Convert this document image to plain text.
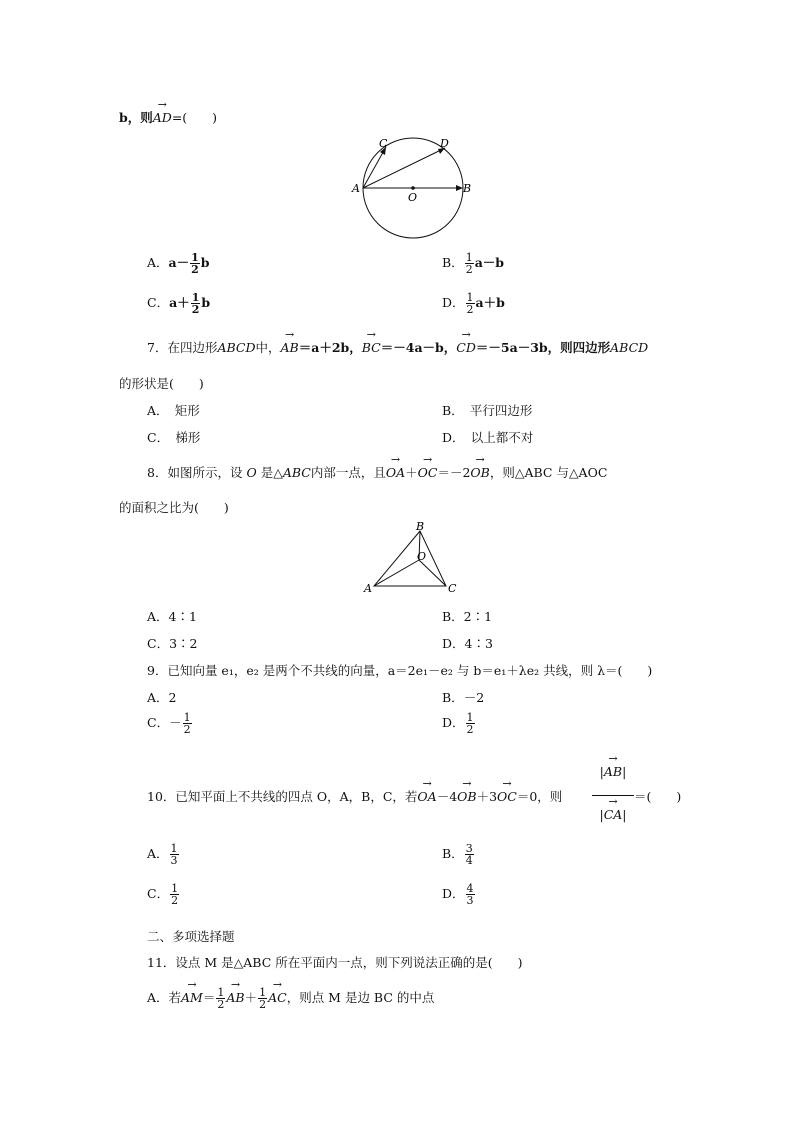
b，则→ AD=(　　)
C	D
A	B
O
A．$a- \frac{1}{2}$ b	B． $\frac{1}{2} a-b$
C．$a+ \frac{1}{2}$ b	D． $\frac{1}{2} a+b$
7．在四边形ABCD中，→ AB＝a＋2b，→ BC＝－4a－b，→ CD＝－5a－3b，则四边形ABCD
的形状是(　　)
A．　矩形	B．　平行四边形
C．　梯形	D．　以上都不对
8．如图所示，设 O 是△ABC内部一点，且→ OA＋→ OC＝－2→ OB，则△ABC 与△AOC
的面积之比为(　　)
B
O
A	C
A．4∶1	B．2∶1
C．3∶2	D．4∶3
9．已知向量 e₁，e₂ 是两个不共线的向量，a＝2e₁－e₂ 与 b＝e₁＋λe₂ 共线，则 λ＝(　　)
A．2	B．－2
C．－ $\frac{1}{2}$	D． $\frac{1}{2}$
10．已知平面上不共线的四点 O，A，B，C，若→ OA－4→ OB＋3→ OC＝0，则
→ |AB|
→ |CA|
＝(　　)
A． $\frac{1}{3}$	B． $\frac{3}{4}$
C． $\frac{1}{2}$	D． $\frac{4}{3}$
二、多项选择题
11．设点 M 是△ABC 所在平面内一点，则下列说法正确的是(　　)
A．若→ $AM= \frac{1}{2}$
→ $AB+ \frac{1}{2}$
→ AC，则点 M 是边 BC 的中点
